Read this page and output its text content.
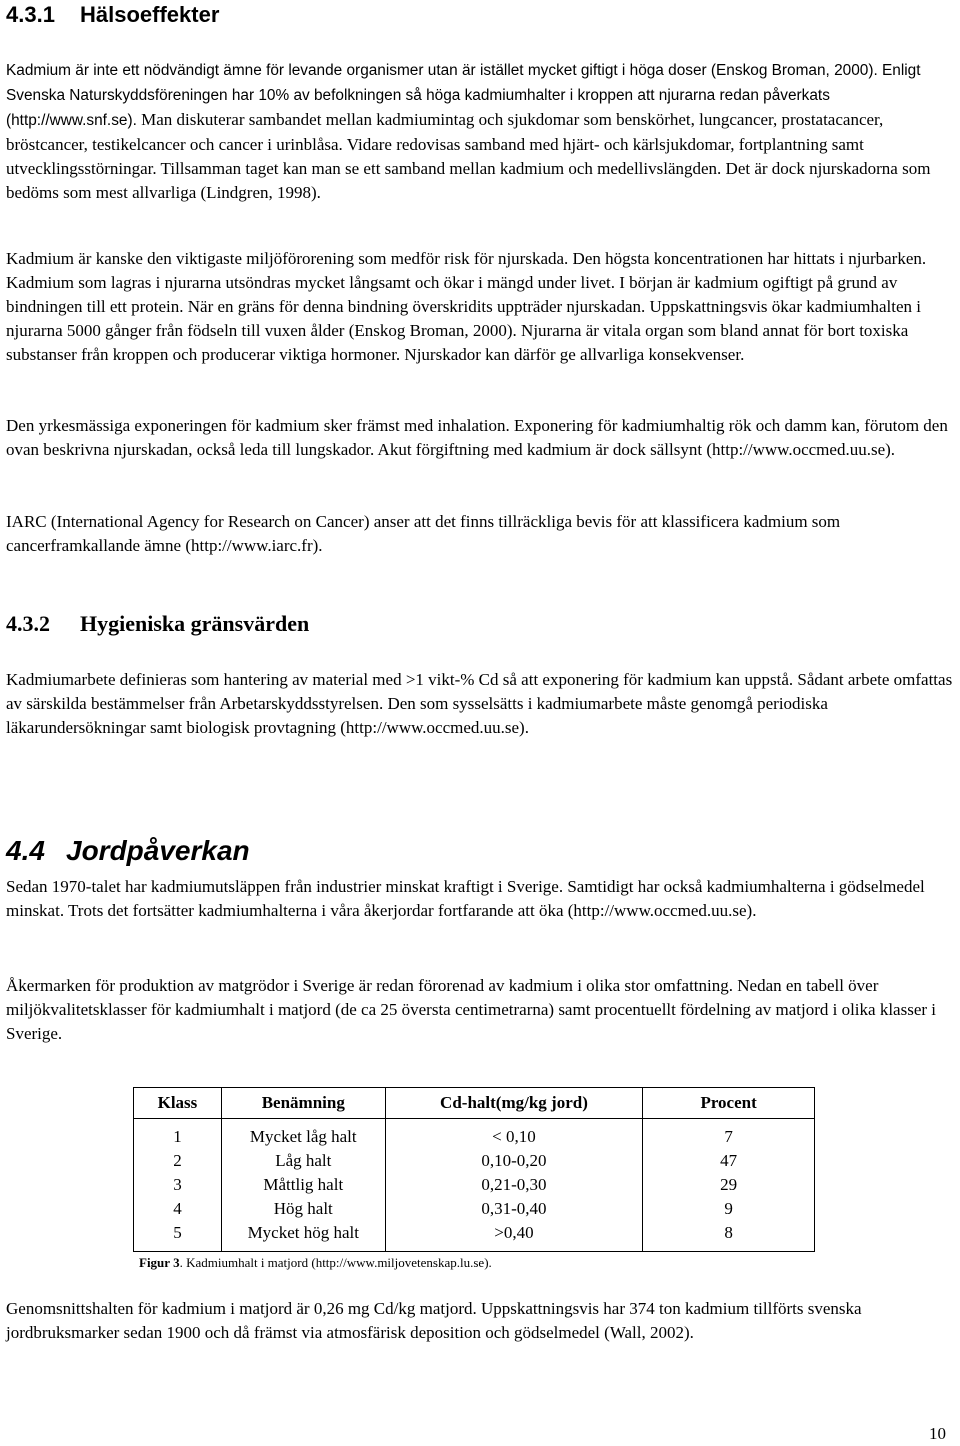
4.3.1 Hälsoeffekter

Kadmium är inte ett nödvändigt ämne för levande organismer utan är istället mycket giftigt i höga doser (Enskog Broman, 2000). Enligt Svenska Naturskyddsföreningen har 10% av befolkningen så höga kadmiumhalter i kroppen att njurarna redan påverkats (http://www.snf.se). Man diskuterar sambandet mellan kadmiumintag och sjukdomar som benskörhet, lungcancer, prostatacancer, bröstcancer, testikelcancer och cancer i urinblåsa. Vidare redovisas samband med hjärt- och kärlsjukdomar, fortplantning samt utvecklingsstörningar. Tillsamman taget kan man se ett samband mellan kadmium och medellivslängden. Det är dock njurskadorna som bedöms som mest allvarliga (Lindgren, 1998).

Kadmium är kanske den viktigaste miljöförorening som medför risk för njurskada. Den högsta koncentrationen har hittats i njurbarken. Kadmium som lagras i njurarna utsöndras mycket långsamt och ökar i mängd under livet. I början är kadmium ogiftigt på grund av bindningen till ett protein. När en gräns för denna bindning överskridits uppträder njurskadan. Uppskattningsvis ökar kadmiumhalten i njurarna 5000 gånger från födseln till vuxen ålder (Enskog Broman, 2000). Njurarna är vitala organ som bland annat för bort toxiska substanser från kroppen och producerar viktiga hormoner. Njurskador kan därför ge allvarliga konsekvenser.

Den yrkesmässiga exponeringen för kadmium sker främst med inhalation. Exponering för kadmiumhaltig rök och damm kan, förutom den ovan beskrivna njurskadan, också leda till lungskador. Akut förgiftning med kadmium är dock sällsynt (http://www.occmed.uu.se).

IARC (International Agency for Research on Cancer) anser att det finns tillräckliga bevis för att klassificera kadmium som cancerframkallande ämne (http://www.iarc.fr).

4.3.2 Hygieniska gränsvärden

Kadmiumarbete definieras som hantering av material med >1 vikt-% Cd så att exponering för kadmium kan uppstå. Sådant arbete omfattas av särskilda bestämmelser från Arbetarskyddsstyrelsen. Den som sysselsätts i kadmiumarbete måste genomgå periodiska läkarundersökningar samt biologisk provtagning (http://www.occmed.uu.se).

4.4 Jordpåverkan

Sedan 1970-talet har kadmiumutsläppen från industrier minskat kraftigt i Sverige. Samtidigt har också kadmiumhalterna i gödselmedel minskat. Trots det fortsätter kadmiumhalterna i våra åkerjordar fortfarande att öka (http://www.occmed.uu.se).

Åkermarken för produktion av matgrödor i Sverige är redan förorenad av kadmium i olika stor omfattning. Nedan en tabell över miljökvalitetsklasser för kadmiumhalt i matjord (de ca 25 översta centimetrarna) samt procentuellt fördelning av matjord i olika klasser i Sverige.

Klass	Benämning	Cd-halt(mg/kg jord)	Procent
1	Mycket låg halt	< 0,10	7
2	Låg halt	0,10-0,20	47
3	Måttlig halt	0,21-0,30	29
4	Hög halt	0,31-0,40	9
5	Mycket hög halt	>0,40	8

Figur 3. Kadmiumhalt i matjord (http://www.miljovetenskap.lu.se).

Genomsnittshalten för kadmium i matjord är 0,26 mg Cd/kg matjord. Uppskattningsvis har 374 ton kadmium tillförts svenska jordbruksmarker sedan 1900 och då främst via atmosfärisk deposition och gödselmedel (Wall, 2002).

10
